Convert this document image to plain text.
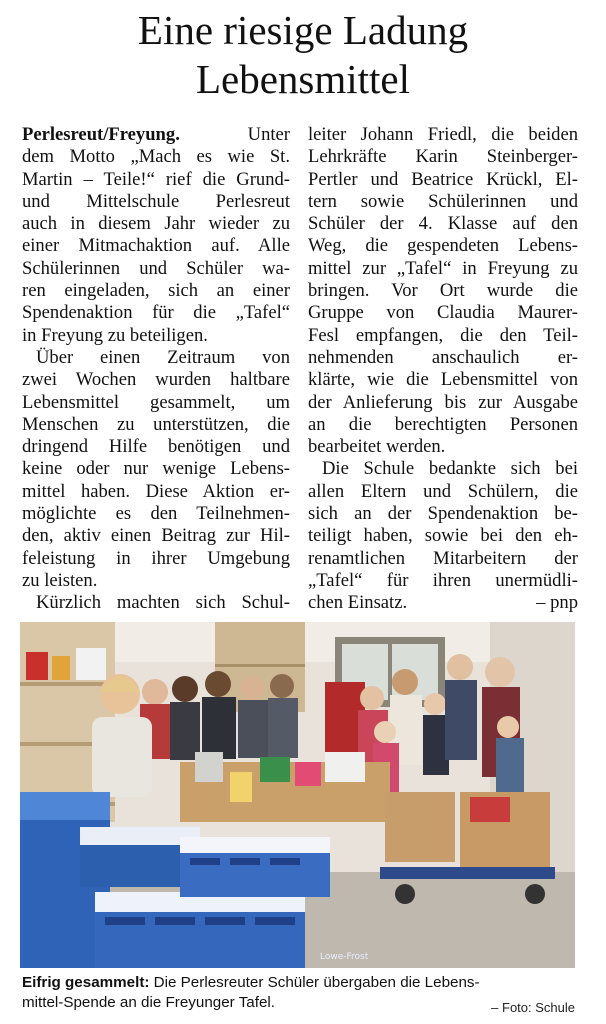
Eine riesige Ladung
Lebensmittel
Perlesreut/Freyung.	Unter
dem Motto „Mach es wie St.
Martin – Teile!“ rief die Grund-
und Mittelschule Perlesreut
auch in diesem Jahr wieder zu
einer Mitmachaktion auf. Alle
Schülerinnen und Schüler wa-
ren eingeladen, sich an einer
Spendenaktion für die „Tafel“
in Freyung zu beteiligen.
Über einen Zeitraum von
zwei Wochen wurden haltbare
Lebensmittel gesammelt, um
Menschen zu unterstützen, die
dringend Hilfe benötigen und
keine oder nur wenige Lebens-
mittel haben. Diese Aktion er-
möglichte es den Teilnehmen-
den, aktiv einen Beitrag zur Hil-
feleistung in ihrer Umgebung
zu leisten.
Kürzlich machten sich Schul-
leiter Johann Friedl, die beiden
Lehrkräfte Karin Steinberger-
Pertler und Beatrice Krückl, El-
tern sowie Schülerinnen und
Schüler der 4. Klasse auf den
Weg, die gespendeten Lebens-
mittel zur „Tafel“ in Freyung zu
bringen. Vor Ort wurde die
Gruppe von Claudia Maurer-
Fesl empfangen, die den Teil-
nehmenden anschaulich er-
klärte, wie die Lebensmittel von
der Anlieferung bis zur Ausgabe
an die berechtigten Personen
bearbeitet werden.
Die Schule bedankte sich bei
allen Eltern und Schülern, die
sich an der Spendenaktion be-
teiligt haben, sowie bei den eh-
renamtlichen Mitarbeitern der
„Tafel“ für ihren unermüdli-
chen Einsatz.	– pnp
Lowe‑Frost
Eifrig gesammelt: Die Perlesreuter Schüler übergaben die Lebens-
mittel-Spende an die Freyunger Tafel.	– Foto: Schule
